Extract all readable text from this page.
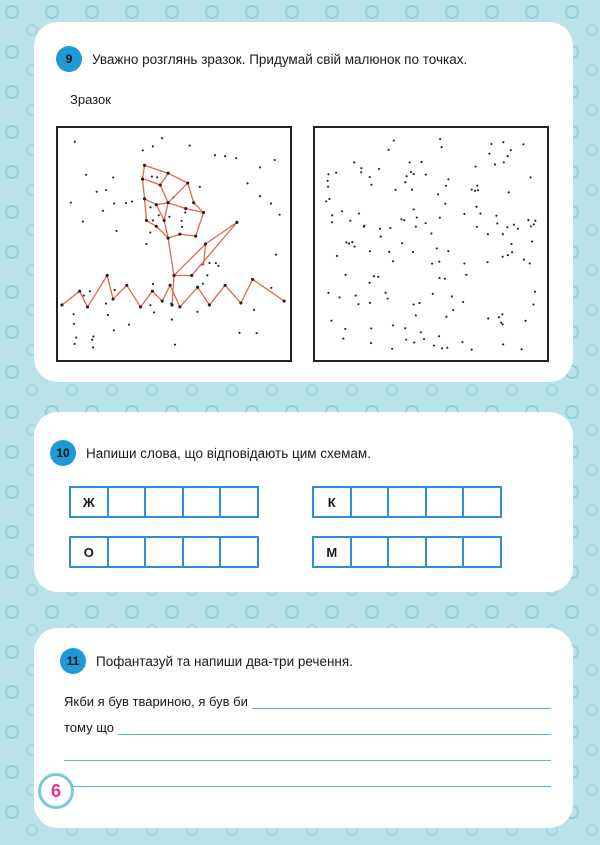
9	Уважно розглянь зразок. Придумай свій малюнок по точках.
Зразок
10	Напиши слова, що відповідають цим схемам.
Ж	К
О	М
11	Пофантазуй та напиши два-три речення.
Якби я був твариною, я був би
тому що
6
